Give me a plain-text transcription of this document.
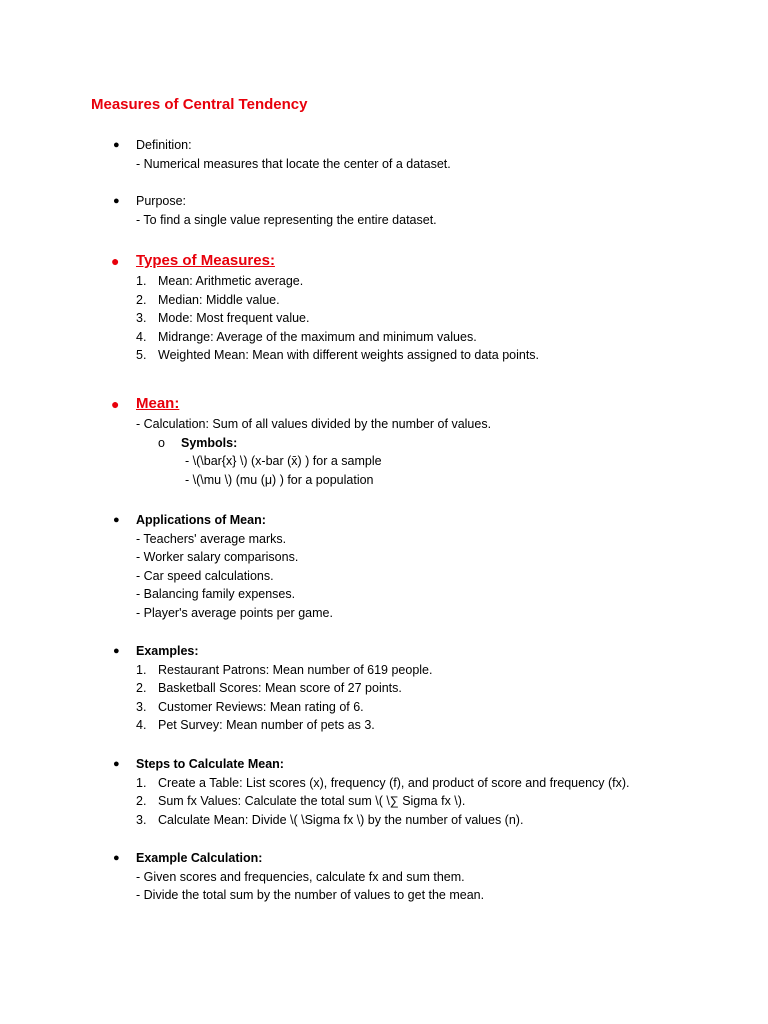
Measures of Central Tendency
● Definition:
- Numerical measures that locate the center of a dataset.
● Purpose:
- To find a single value representing the entire dataset.
● Types of Measures:
1. Mean: Arithmetic average.
2. Median: Middle value.
3. Mode: Most frequent value.
4. Midrange: Average of the maximum and minimum values.
5. Weighted Mean: Mean with different weights assigned to data points.
● Mean:
- Calculation: Sum of all values divided by the number of values.
o Symbols:
- \(\bar{x} \) (x-bar (x̄) ) for a sample
- \(\mu \) (mu (μ) ) for a population
● Applications of Mean:
- Teachers' average marks.
- Worker salary comparisons.
- Car speed calculations.
- Balancing family expenses.
- Player's average points per game.
● Examples:
1. Restaurant Patrons: Mean number of 619 people.
2. Basketball Scores: Mean score of 27 points.
3. Customer Reviews: Mean rating of 6.
4. Pet Survey: Mean number of pets as 3.
● Steps to Calculate Mean:
1. Create a Table: List scores (x), frequency (f), and product of score and frequency (fx).
2. Sum fx Values: Calculate the total sum \( \∑ Sigma fx \).
3. Calculate Mean: Divide \( \Sigma fx \) by the number of values (n).
● Example Calculation:
- Given scores and frequencies, calculate fx and sum them.
- Divide the total sum by the number of values to get the mean.
